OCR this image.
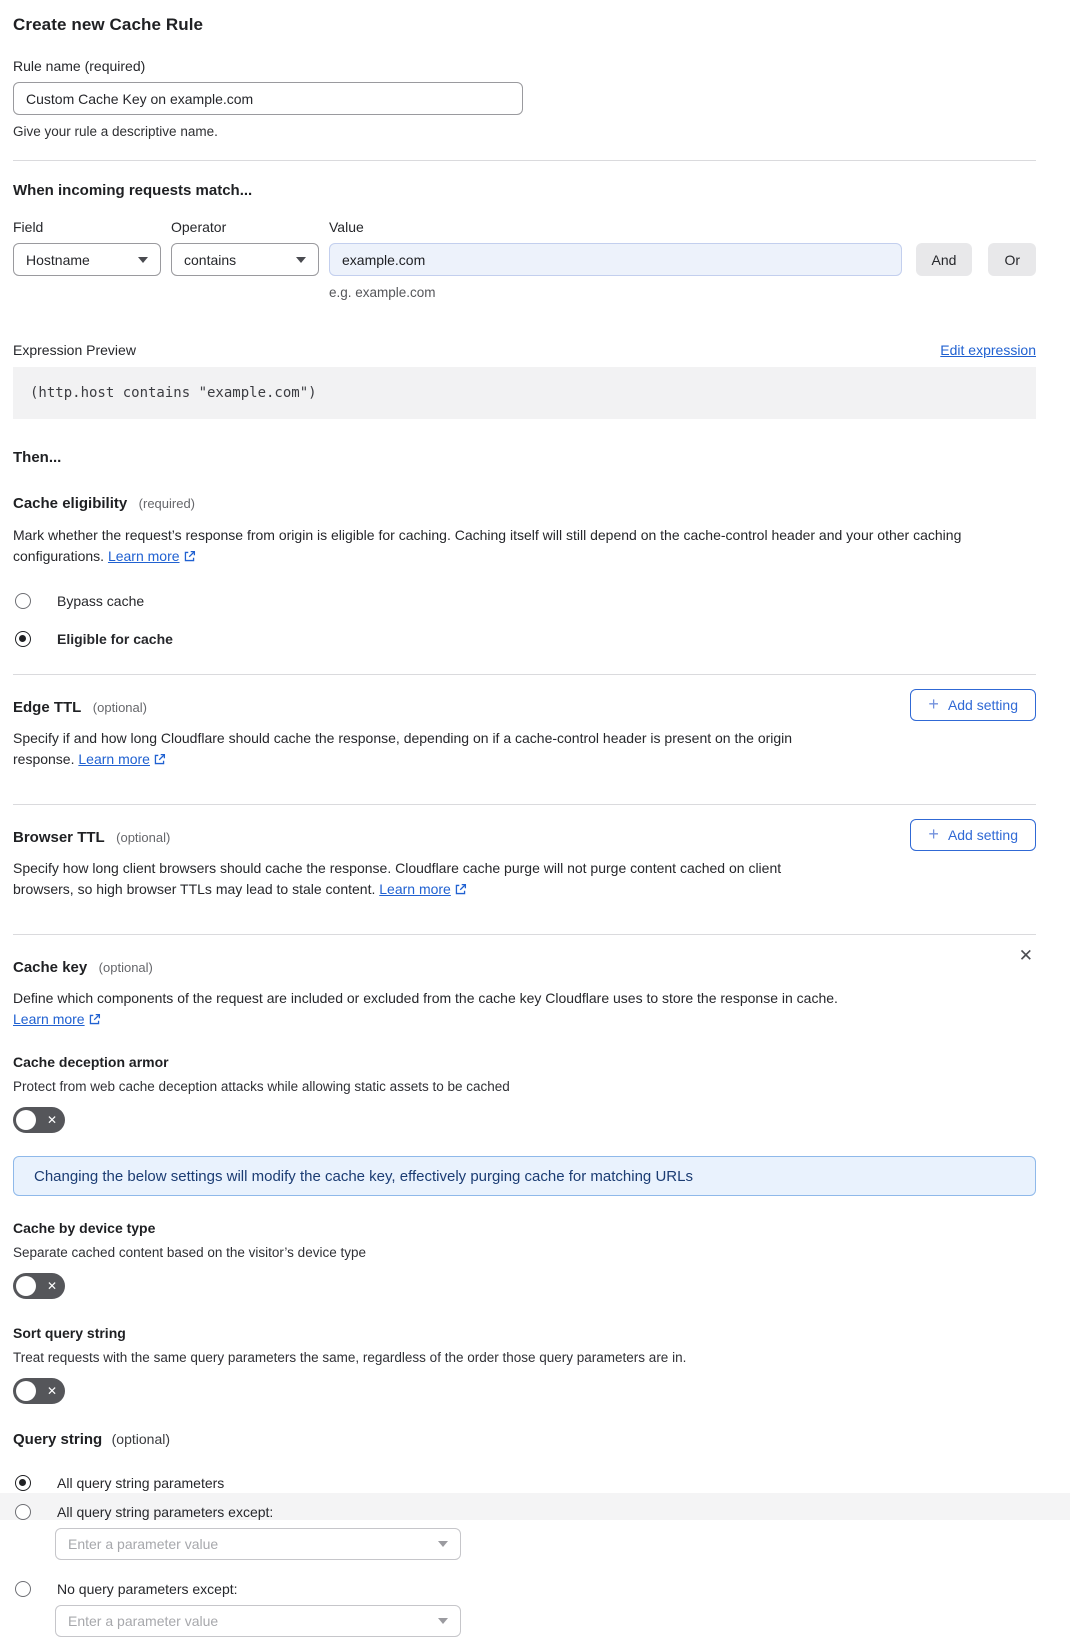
Create new Cache Rule
Rule name (required)
Custom Cache Key on example.com
Give your rule a descriptive name.
When incoming requests match...
Field
Hostname
Operator
contains
Value
example.com
e.g. example.com

And
	Or
Expression Preview	Edit expression
(http.host contains "example.com")
Then...
Cache eligibility (required)

Mark whether the request’s response from origin is eligible for caching. Caching itself will still depend on the cache-control header and your other caching configurations. Learn more

Bypass cache
Eligible for cache
Edge TTL (optional)

Specify if and how long Cloudflare should cache the response, depending on if a cache-control header is present on the origin response. Learn more

+ Add setting
Browser TTL (optional)

Specify how long client browsers should cache the response. Cloudflare cache purge will not purge content cached on client browsers, so high browser TTLs may lead to stale content. Learn more

+ Add setting
Cache key (optional)
✕

Define which components of the request are included or excluded from the cache key Cloudflare uses to store the response in cache.
Learn more

Cache deception armor
Protect from web cache deception attacks while allowing static assets to be cached
✕
Changing the below settings will modify the cache key, effectively purging cache for matching URLs
Cache by device type
Separate cached content based on the visitor’s device type
✕
Sort query string
Treat requests with the same query parameters the same, regardless of the order those query parameters are in.
✕
Query string (optional)
All query string parameters
All query string parameters except:
Enter a parameter value
No query parameters except:
Enter a parameter value
